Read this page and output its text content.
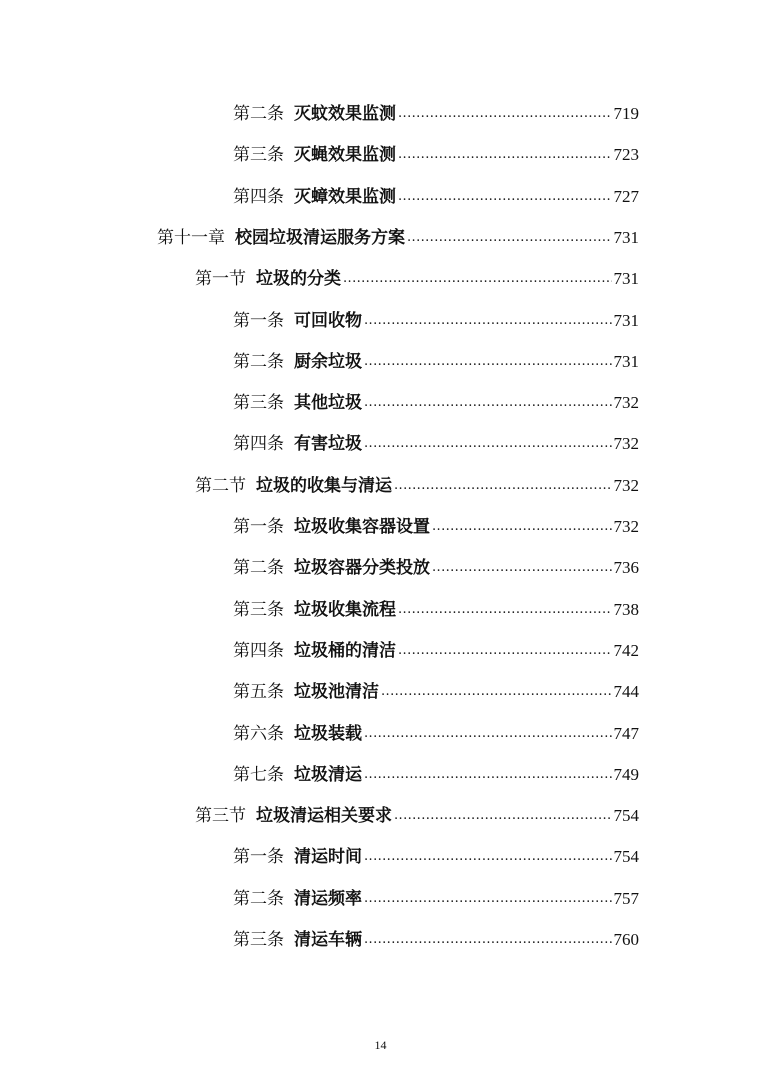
第二条 灭蚊效果监测 .....	719
第三条 灭蝇效果监测 .....	723
第四条 灭蟑效果监测 .....	727
第十一章 校园垃圾清运服务方案 .....	731
第一节 垃圾的分类 .....	731
第一条 可回收物 .....	731
第二条 厨余垃圾 .....	731
第三条 其他垃圾 .....	732
第四条 有害垃圾 .....	732
第二节 垃圾的收集与清运 .....	732
第一条 垃圾收集容器设置 .....	732
第二条 垃圾容器分类投放 .....	736
第三条 垃圾收集流程 .....	738
第四条 垃圾桶的清洁 .....	742
第五条 垃圾池清洁 .....	744
第六条 垃圾装载 .....	747
第七条 垃圾清运 .....	749
第三节 垃圾清运相关要求 .....	754
第一条 清运时间 .....	754
第二条 清运频率 .....	757
第三条 清运车辆 .....	760
14
